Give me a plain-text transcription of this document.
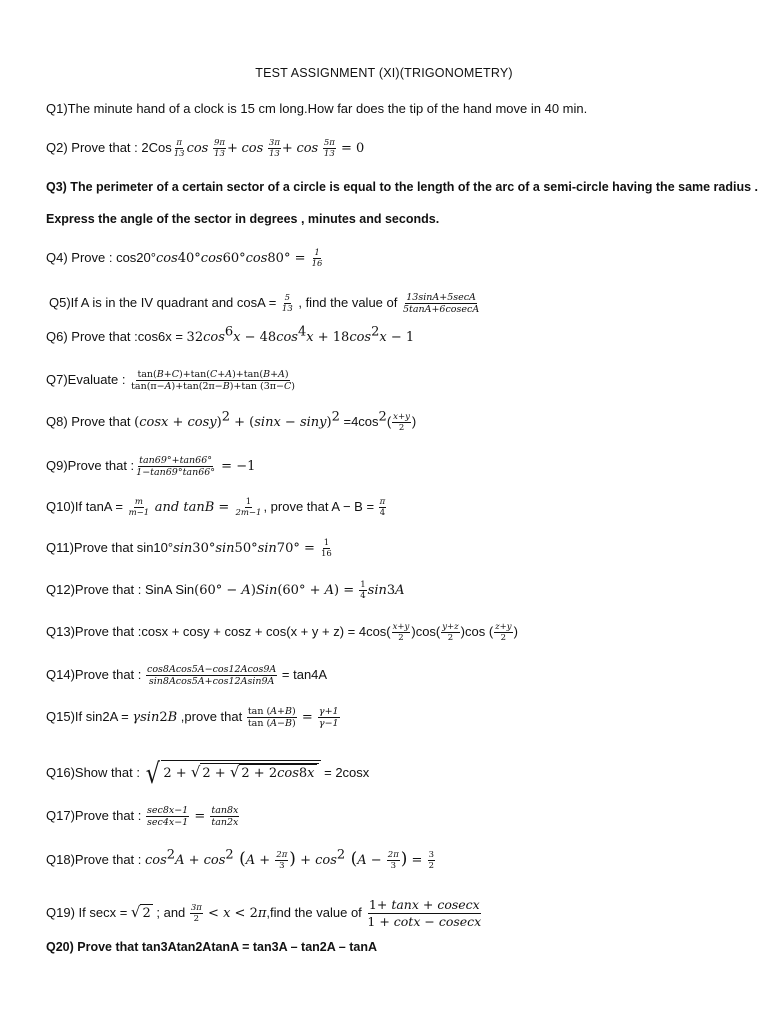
TEST ASSIGNMENT (XI)(TRIGONOMETRY)
Q1)The minute hand of a clock is 15 cm long.How far does the tip of the hand move in 40 min.
Q2) Prove that : $2Cos \frac{\pi}{13}$ $\cos \frac{9\pi}{13} + \cos \frac{3\pi}{13} + \cos \frac{5\pi}{13} = 0$
Q3) The perimeter of a certain sector of a circle is equal to the length of the arc of a semi-circle having the same radius .
Express the angle of the sector in degrees , minutes and seconds.
Q4) Prove : $\cos 20^\circ\cos 40^\circ\cos 60^\circ\cos 80^\circ = \frac{1}{16}$
Q5)If A is in the IV quadrant and $\cos A = \frac{5}{13}$ , find the value of $\frac{13\sin A+5\sec A}{5\tan A+6cosecA}$
Q6) Prove that :cos6x = $32\cos^6x - 48\cos^4x + 18\cos^2x - 1$
Q7)Evaluate : $\frac{\tan(B+C)+\tan(C+A)+\tan(B+A)}{\tan(\pi-A)+\tan(2\pi-B)+\tan (3\pi-C)}$
Q8) Prove that $(\cos x + \cos y)^2 + (\sin x - \sin y)^2 =4\cos^2( \frac{x+y}{2}$ )
Q9)Prove that : $\frac{\tan 69^\circ+\tan 66^\circ}{1-\tan 69^\circ\tan 66^\circ} = -1$
Q10)If $\tan A = \frac{m}{m-1}$ and $\tan B = \frac{1}{2m-1}$ , prove that $A - B = \frac{\pi}{4}$
Q11)Prove that $\sin 10^\circ\sin 30^\circ\sin 50^\circ\sin 70^\circ = \frac{1}{16}$
Q12)Prove that : SinA $Sin(60^\circ - A)Sin(60^\circ + A) = \frac{1}{4} \sin 3A$
Q13)Prove that :cosx + $\cos y + \cos z + \cos(x + y + z) = 4\cos( \frac{x+y}{2} )\cos( \frac{y+z}{2} )\cos$ ( $\frac{z+y}{2}$ )
Q14)Prove that : $\frac{\cos 8Acos5A-\cos 12Acos9A}{\sin 8Acos5A+\cos 12Asin9A} = \tan 4A$
Q15)If sin2A = γsin2B ,prove that $\frac{\tan (A+B)}{\tan (A-B)} = \frac{\gamma+1}{\gamma-1}$
Q16)Show that : √ 2 + √ 2 + √ 2 + 2cos8x = 2cosx
Q17)Prove that : $\frac{\sec 8x-1}{\sec 4x-1} = \frac{\tan 8x}{\tan 2x}$
Q18)Prove that : $\cos^2A + \cos^2 (A + \frac{2\pi}{3}$ ) + $\cos^2 (A - \frac{2\pi}{3}$ ) = $\frac{3}{2}$
Q19) If secx = √ 2 ; and $\frac{3\pi}{2} < x$ < 2π,find the value of $\frac{1+ \tan x + cosecx}{1 + \cot x - cosecx}$
Q20) Prove that tan3Atan2AtanA = tan3A – tan2A – tanA
